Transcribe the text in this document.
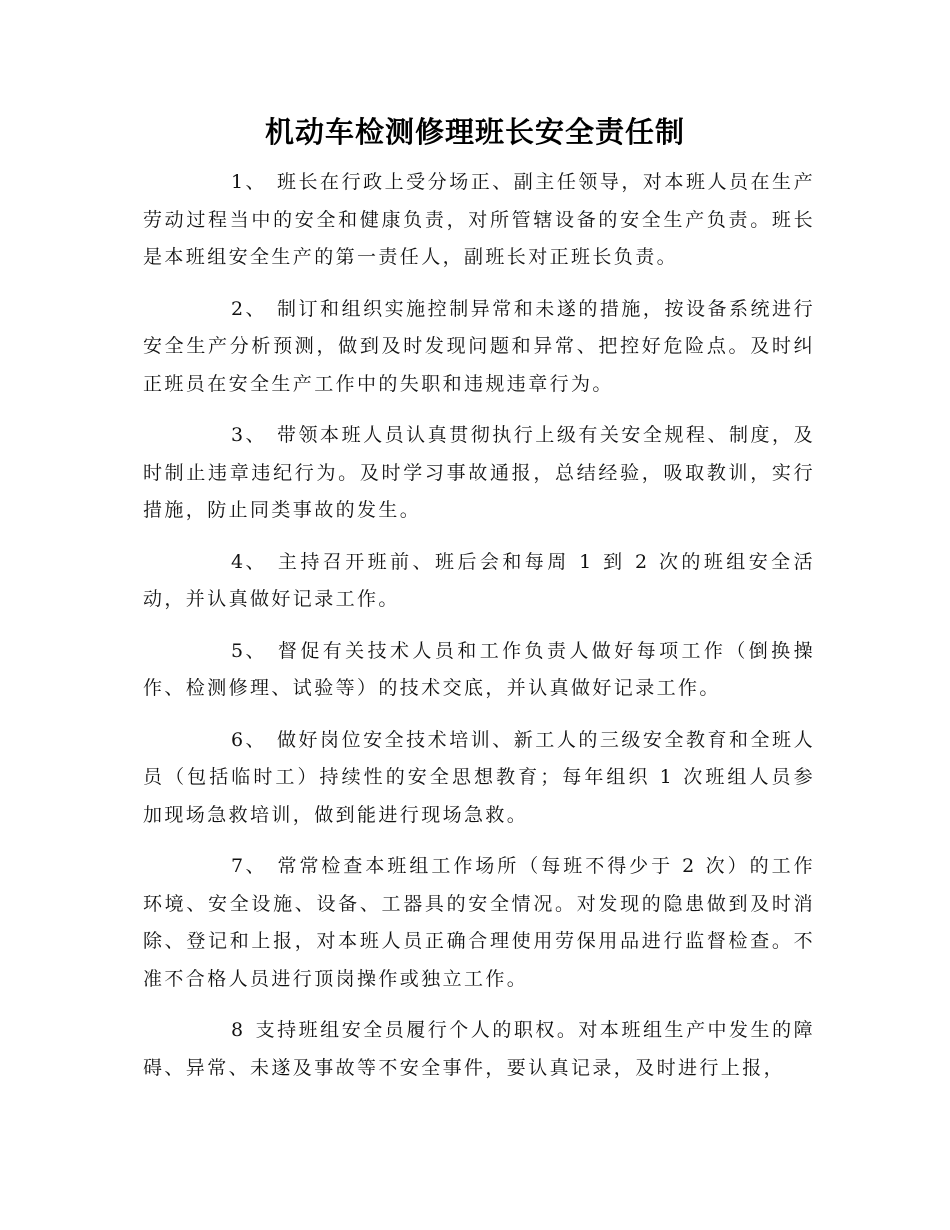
机动车检测修理班长安全责任制

1、 班长在行政上受分场正、副主任领导，对本班人员在生产劳动过程当中的安全和健康负责，对所管辖设备的安全生产负责。班长是本班组安全生产的第一责任人，副班长对正班长负责。

2、 制订和组织实施控制异常和未遂的措施，按设备系统进行安全生产分析预测，做到及时发现问题和异常、把控好危险点。及时纠正班员在安全生产工作中的失职和违规违章行为。

3、 带领本班人员认真贯彻执行上级有关安全规程、制度，及时制止违章违纪行为。及时学习事故通报，总结经验，吸取教训，实行措施，防止同类事故的发生。

4、 主持召开班前、班后会和每周 1 到 2 次的班组安全活动，并认真做好记录工作。

5、 督促有关技术人员和工作负责人做好每项工作（倒换操作、检测修理、试验等）的技术交底，并认真做好记录工作。

6、 做好岗位安全技术培训、新工人的三级安全教育和全班人员（包括临时工）持续性的安全思想教育；每年组织 1 次班组人员参加现场急救培训，做到能进行现场急救。

7、 常常检查本班组工作场所（每班不得少于 2 次）的工作环境、安全设施、设备、工器具的安全情况。对发现的隐患做到及时消除、登记和上报，对本班人员正确合理使用劳保用品进行监督检查。不准不合格人员进行顶岗操作或独立工作。

8 支持班组安全员履行个人的职权。对本班组生产中发生的障碍、异常、未遂及事故等不安全事件，要认真记录，及时进行上报，
